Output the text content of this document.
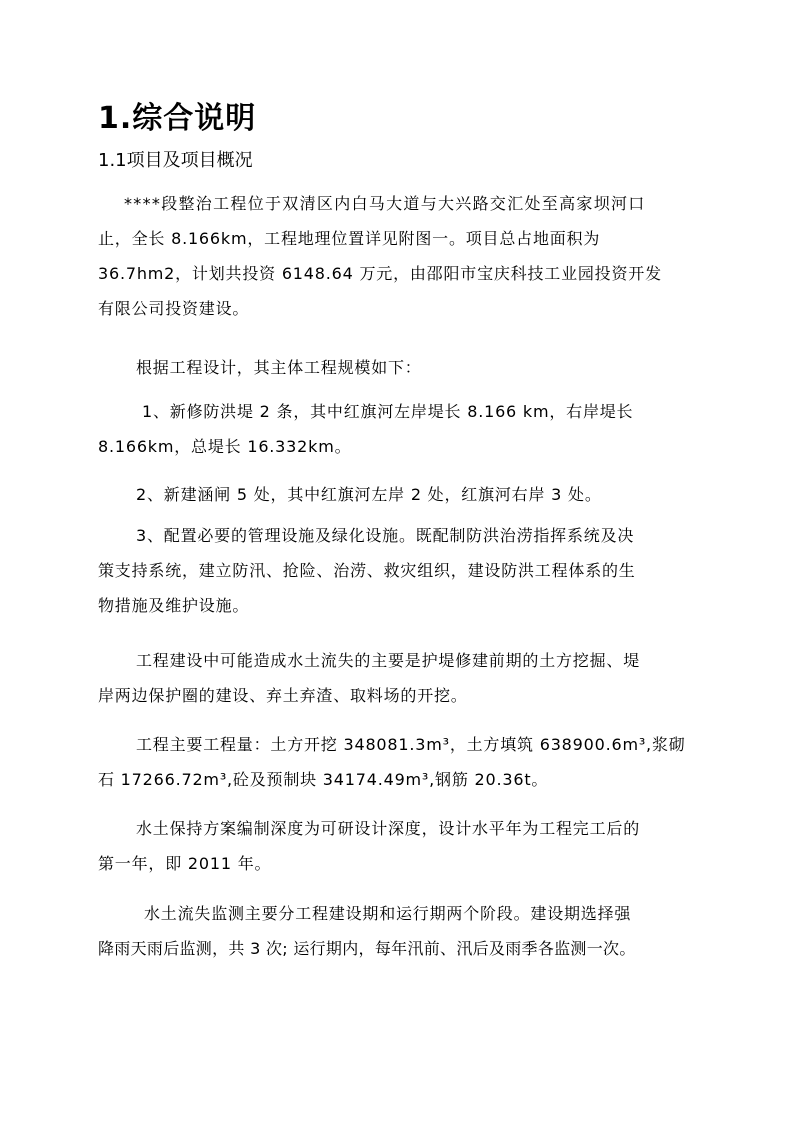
1.综合说明
1.1项目及项目概况
****段整治工程位于双清区内白马大道与大兴路交汇处至高家坝河口
止，全长 8.166km，工程地理位置详见附图一。项目总占地面积为
36.7hm2，计划共投资 6148.64 万元，由邵阳市宝庆科技工业园投资开发
有限公司投资建设。
根据工程设计，其主体工程规模如下：
1、新修防洪堤 2 条，其中红旗河左岸堤长 8.166 km，右岸堤长
8.166km，总堤长 16.332km。
2、新建涵闸 5 处，其中红旗河左岸 2 处，红旗河右岸 3 处。
3、配置必要的管理设施及绿化设施。既配制防洪治涝指挥系统及决
策支持系统，建立防汛、抢险、治涝、救灾组织，建设防洪工程体系的生
物措施及维护设施。
工程建设中可能造成水土流失的主要是护堤修建前期的土方挖掘、堤
岸两边保护圈的建设、弃土弃渣、取料场的开挖。
工程主要工程量：土方开挖 348081.3m³，土方填筑 638900.6m³,浆砌
石 17266.72m³,砼及预制块 34174.49m³,钢筋 20.36t。
水土保持方案编制深度为可研设计深度，设计水平年为工程完工后的
第一年，即 2011 年。
水土流失监测主要分工程建设期和运行期两个阶段。建设期选择强
降雨天雨后监测，共 3 次; 运行期内，每年汛前、汛后及雨季各监测一次。
